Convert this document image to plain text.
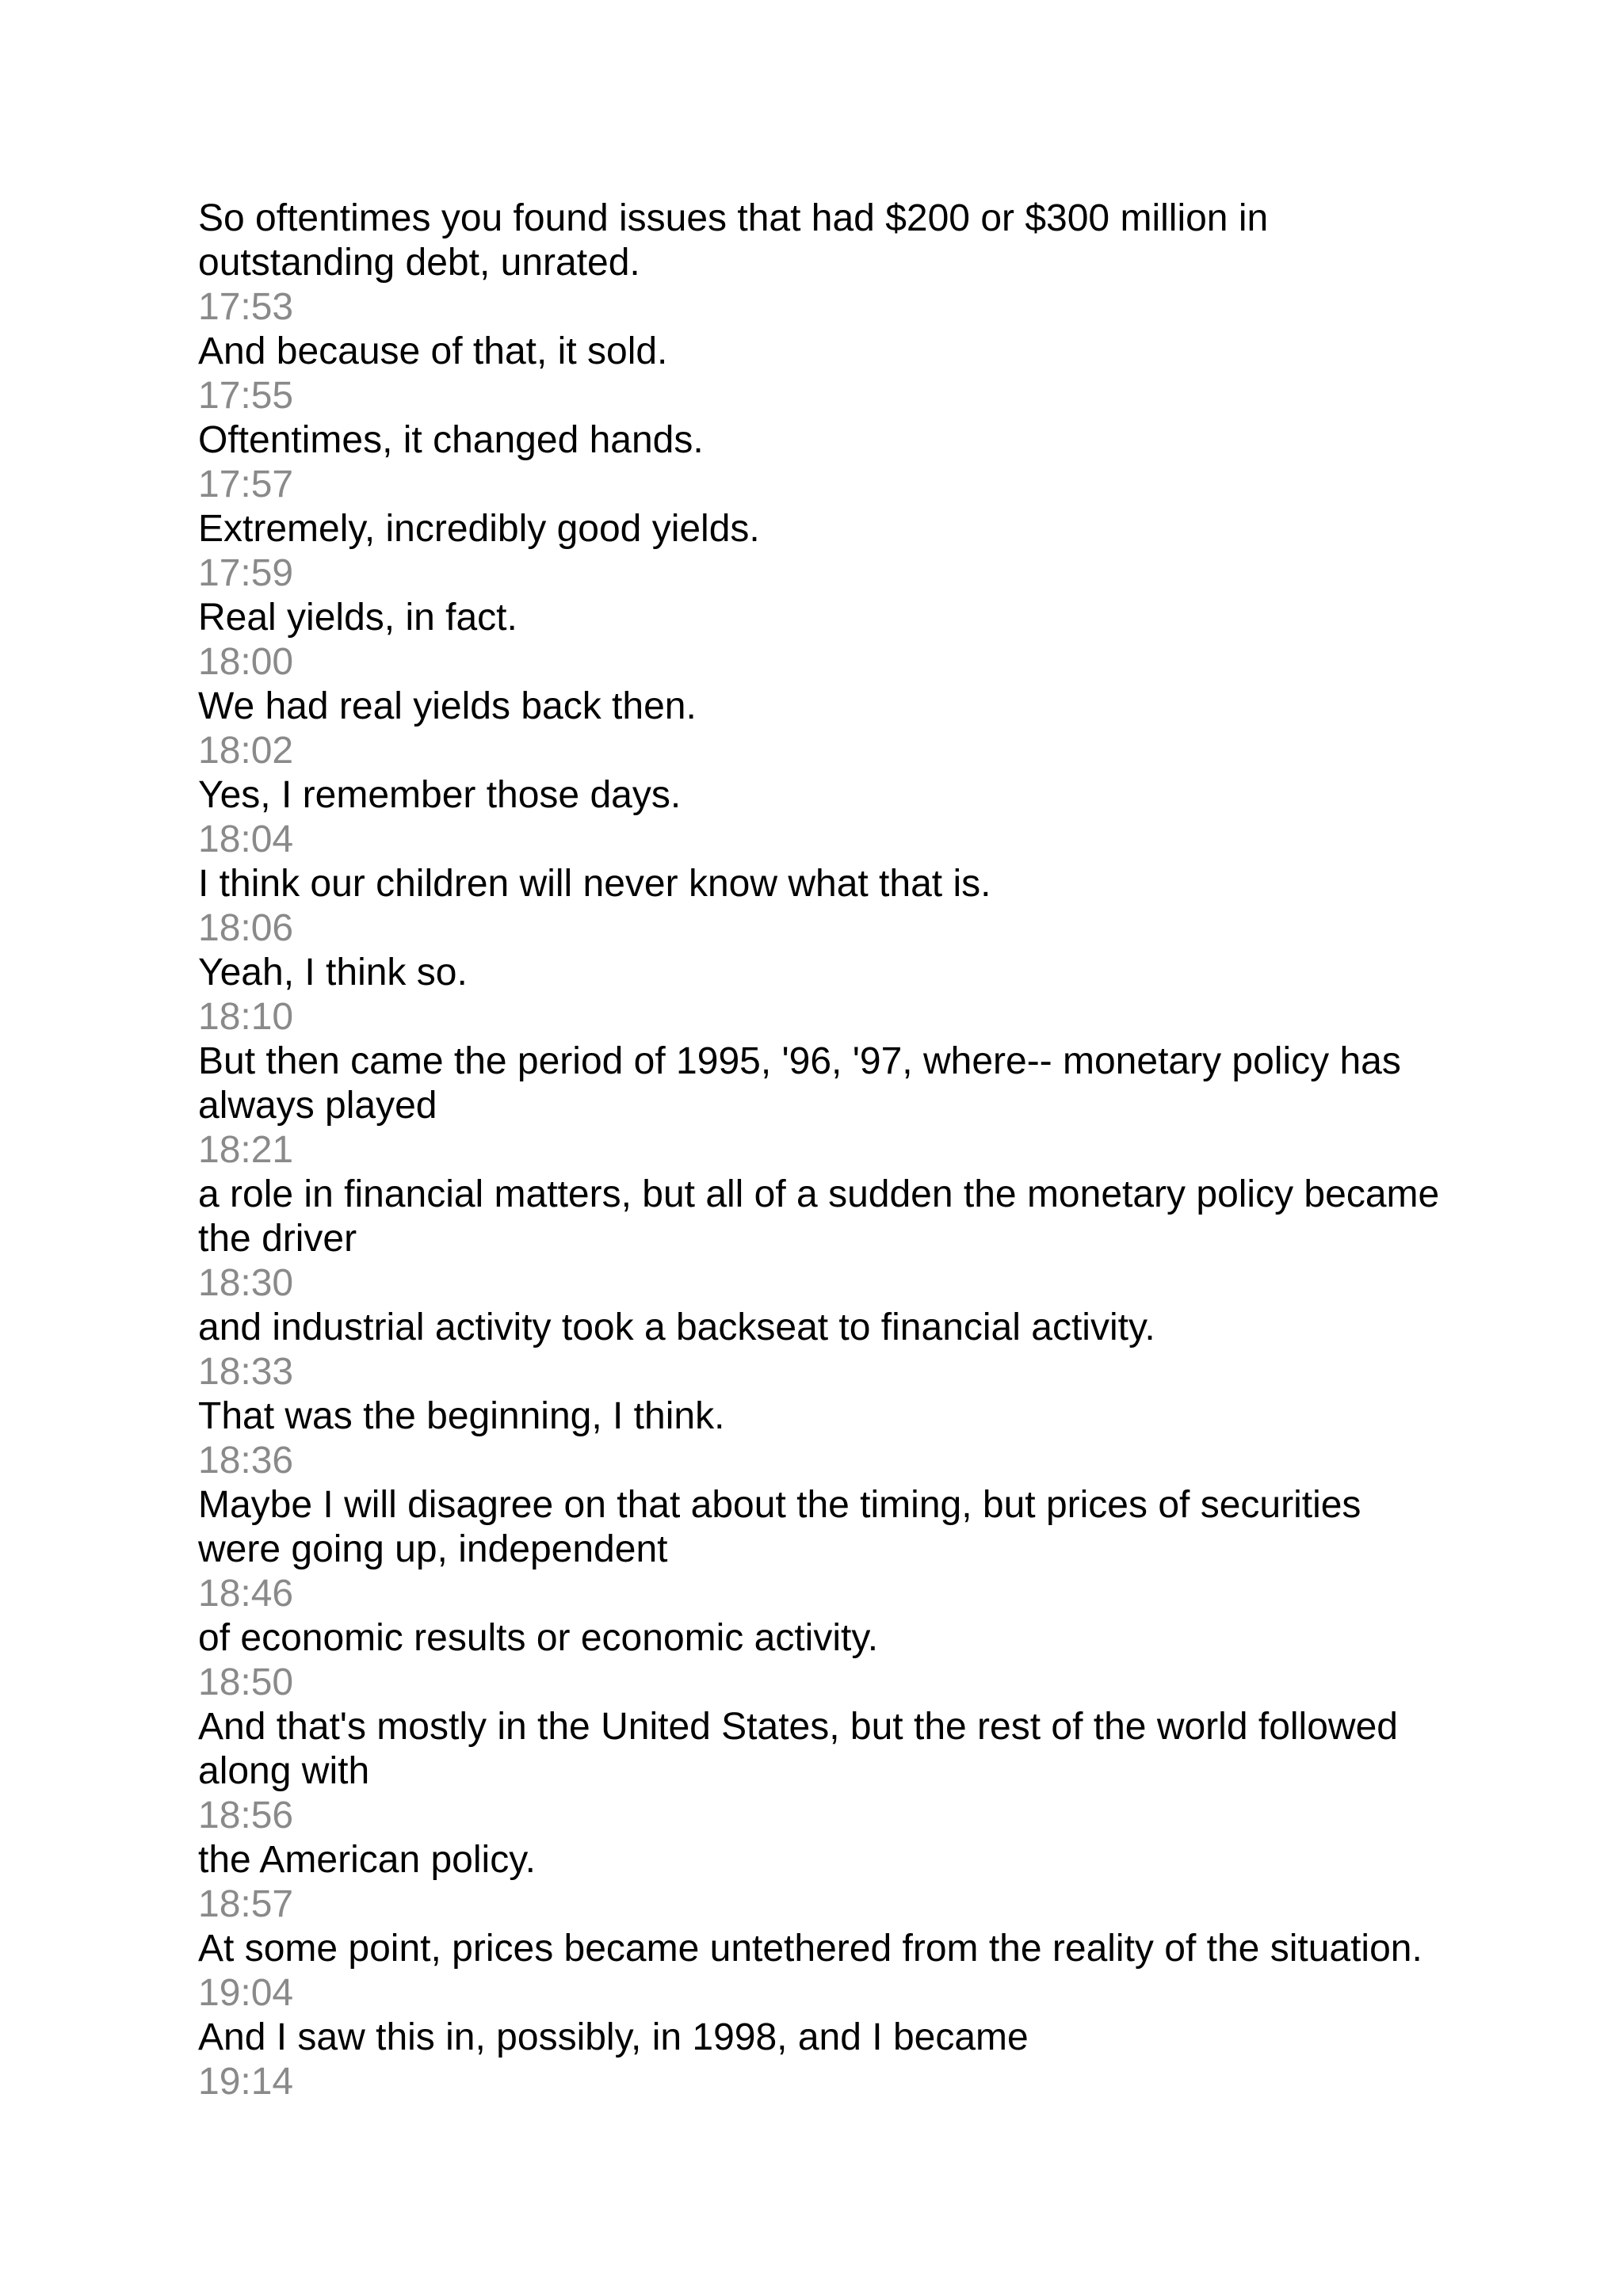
So oftentimes you found issues that had $200 or $300 million in outstanding debt, unrated.
17:53
And because of that, it sold.
17:55
Oftentimes, it changed hands.
17:57
Extremely, incredibly good yields.
17:59
Real yields, in fact.
18:00
We had real yields back then.
18:02
Yes, I remember those days.
18:04
I think our children will never know what that is.
18:06
Yeah, I think so.
18:10
But then came the period of 1995, '96, '97, where-- monetary policy has always played
18:21
a role in financial matters, but all of a sudden the monetary policy became the driver
18:30
and industrial activity took a backseat to financial activity.
18:33
That was the beginning, I think.
18:36
Maybe I will disagree on that about the timing, but prices of securities were going up, independent
18:46
of economic results or economic activity.
18:50
And that's mostly in the United States, but the rest of the world followed along with
18:56
the American policy.
18:57
At some point, prices became untethered from the reality of the situation.
19:04
And I saw this in, possibly, in 1998, and I became
19:14
